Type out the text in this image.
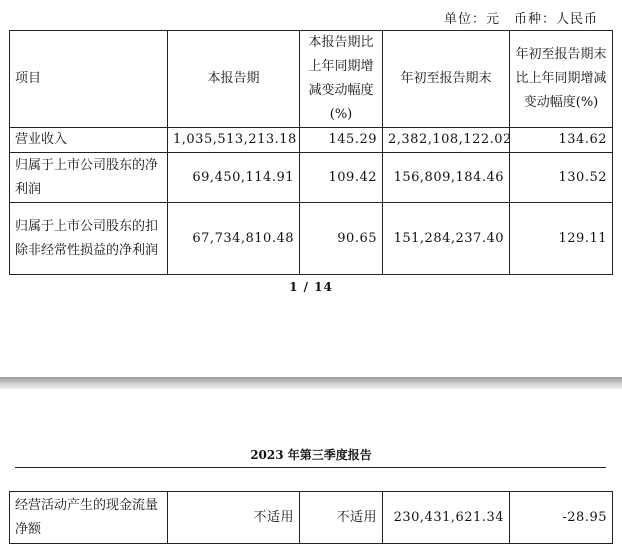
单位：元 币种：人民币
项目	本报告期	本报告期比上年同期增减变动幅度(%)	年初至报告期末	年初至报告期末比上年同期增减变动幅度(%)
营业收入	1,035,513,213.18	145.29	2,382,108,122.02	134.62
归属于上市公司股东的净利润	69,450,114.91	109.42	156,809,184.46	130.52
归属于上市公司股东的扣除非经常性损益的净利润	67,734,810.48	90.65	151,284,237.40	129.11
1 / 14
2023 年第三季度报告
经营活动产生的现金流量净额	不适用	不适用	230,431,621.34	-28.95
